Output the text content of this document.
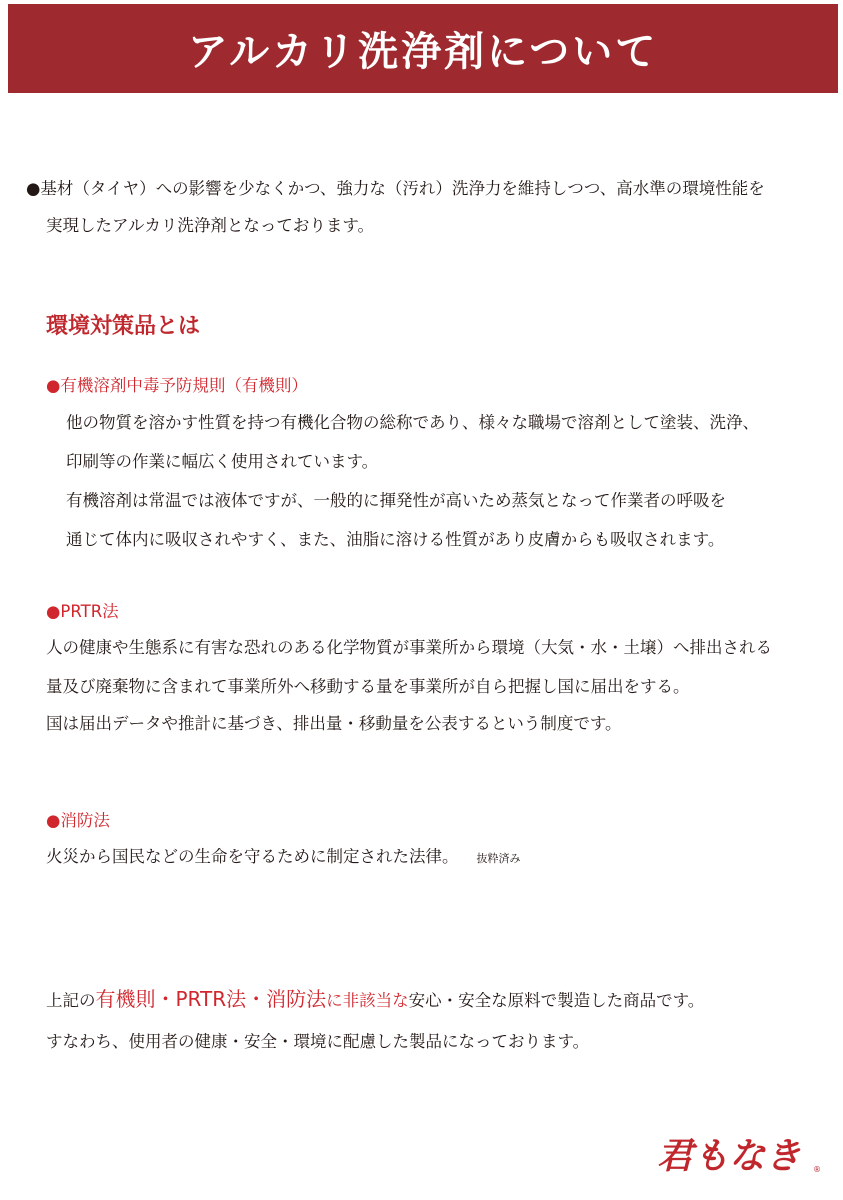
アルカリ洗浄剤について
●基材（タイヤ）への影響を少なくかつ、強力な（汚れ）洗浄力を維持しつつ、高水準の環境性能を
実現したアルカリ洗浄剤となっております。
環境対策品とは
●有機溶剤中毒予防規則（有機則）
他の物質を溶かす性質を持つ有機化合物の総称であり、様々な職場で溶剤として塗装、洗浄、
印刷等の作業に幅広く使用されています。
有機溶剤は常温では液体ですが、一般的に揮発性が高いため蒸気となって作業者の呼吸を
通じて体内に吸収されやすく、また、油脂に溶ける性質があり皮膚からも吸収されます。
●PRTR法
人の健康や生態系に有害な恐れのある化学物質が事業所から環境（大気・水・土壌）へ排出される
量及び廃棄物に含まれて事業所外へ移動する量を事業所が自ら把握し国に届出をする。
国は届出データや推計に基づき、排出量・移動量を公表するという制度です。
●消防法
火災から国民などの生命を守るために制定された法律。 抜粋済み
上記の有機則・PRTR法・消防法に非該当な安心・安全な原料で製造した商品です。
すなわち、使用者の健康・安全・環境に配慮した製品になっております。
君もなき ®
